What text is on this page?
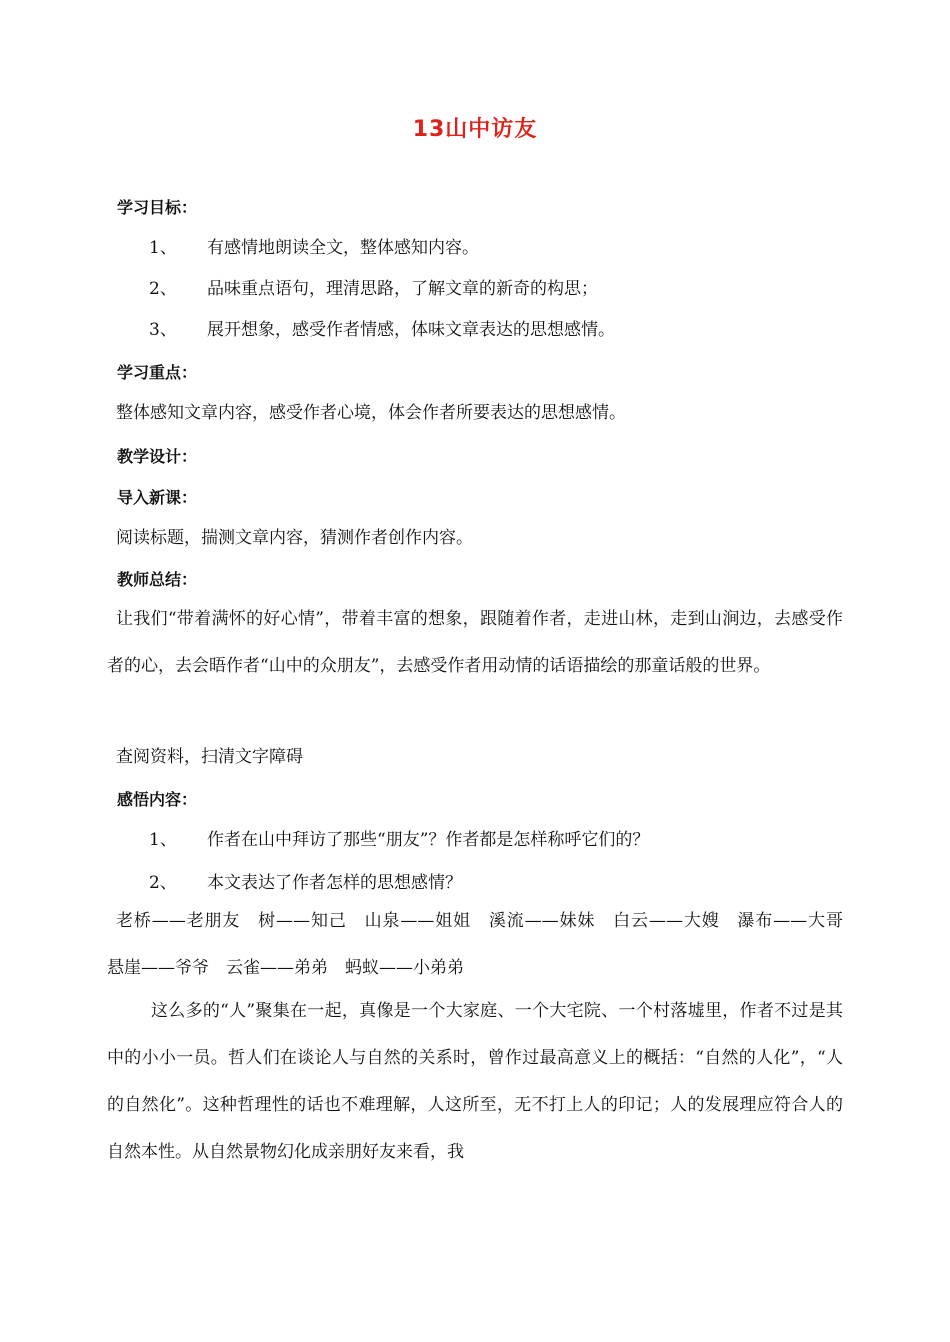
13山中访友
学习目标：
1、 有感情地朗读全文，整体感知内容。
2、 品味重点语句，理清思路，了解文章的新奇的构思；
3、 展开想象，感受作者情感，体味文章表达的思想感情。
学习重点：
整体感知文章内容，感受作者心境，体会作者所要表达的思想感情。
教学设计：
导入新课：
阅读标题，揣测文章内容，猜测作者创作内容。
教师总结：
让我们“带着满怀的好心情”，带着丰富的想象，跟随着作者，走进山林，走到山涧边，去感受作者的心，去会晤作者“山中的众朋友”，去感受作者用动情的话语描绘的那童话般的世界。
查阅资料，扫清文字障碍
感悟内容：
1、 作者在山中拜访了那些“朋友”？作者都是怎样称呼它们的？
2、 本文表达了作者怎样的思想感情？
老桥——老朋友　树——知己　山泉——姐姐　溪流——妹妹　白云——大嫂　瀑布——大哥　悬崖——爷爷　云雀——弟弟　蚂蚁——小弟弟
这么多的“人”聚集在一起，真像是一个大家庭、一个大宅院、一个村落墟里，作者不过是其中的小小一员。哲人们在谈论人与自然的关系时，曾作过最高意义上的概括：“自然的人化”，“人的自然化”。这种哲理性的话也不难理解，人这所至，无不打上人的印记；人的发展理应符合人的自然本性。从自然景物幻化成亲朋好友来看，我
